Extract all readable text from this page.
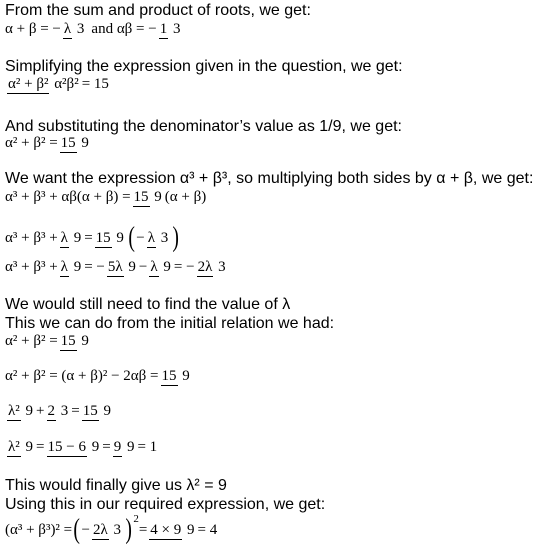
From the sum and product of roots, we get:
α + β = − λ 3 and αβ = − 1 3
Simplifying the expression given in the question, we get:
α² + β² α²β² = 15
And substituting the denominator’s value as 1/9, we get:
α² + β² = 15 9
We want the expression α³ + β³, so multiplying both sides by α + β, we get:
α³ + β³ + αβ(α + β) = 15 9 (α + β)
α³ + β³ + λ 9 = 15 9 ( − λ 3 )
α³ + β³ + λ 9 = − 5λ 9 − λ 9 = − 2λ 3
We would still need to find the value of λ
This we can do from the initial relation we had:
α² + β² = 15 9
α² + β² = (α + β)² − 2αβ = 15 9
λ² 9 + 2 3 = 15 9
λ² 9 = 15 − 6 9 = 9 9 = 1
This would finally give us λ² = 9
Using this in our required expression, we get:
(α³ + β³)² = ( − 2λ 3 ) 2
= 4 × 9 9 = 4
